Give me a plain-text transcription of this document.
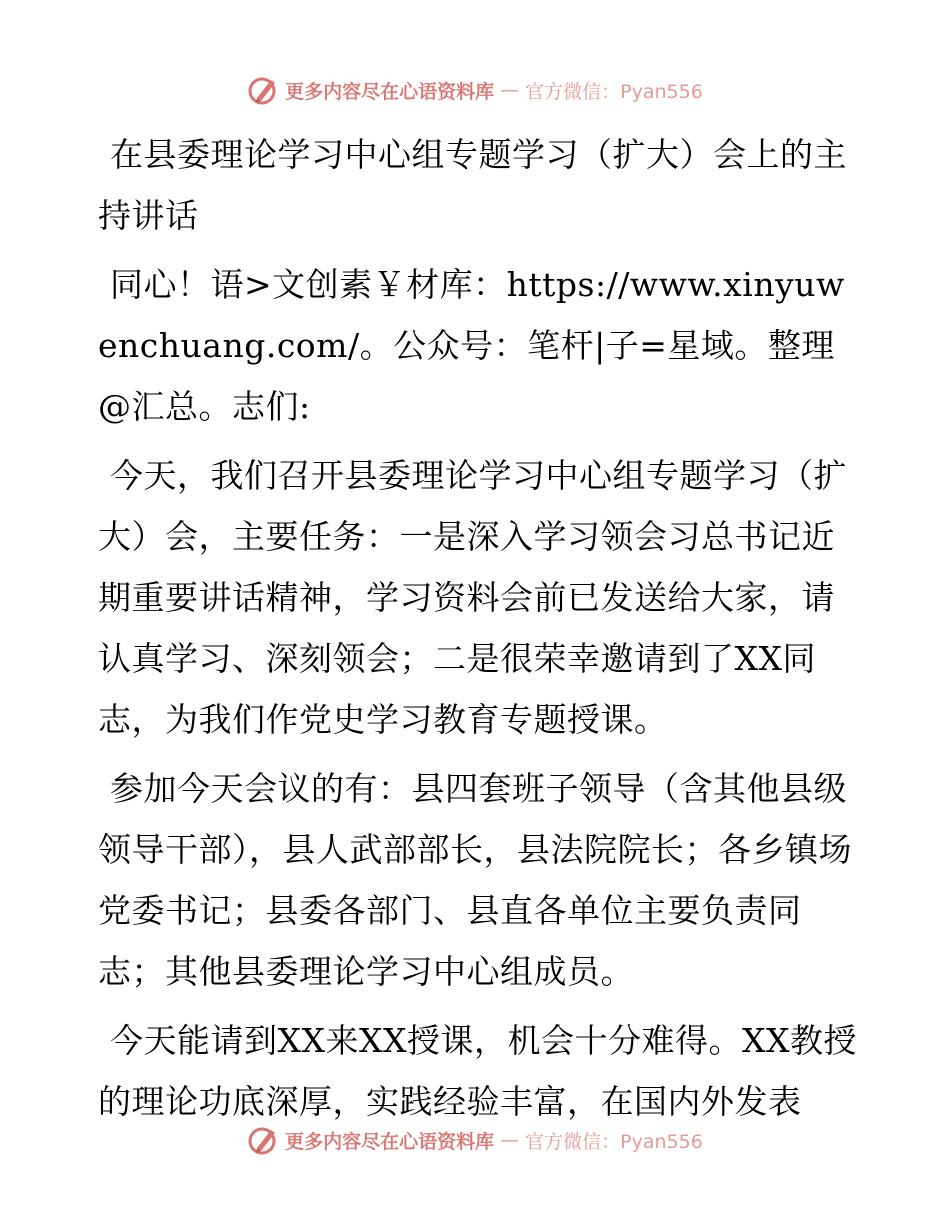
更多内容尽在心语资料库 — 官方微信：Pyan556

在县委理论学习中心组专题学习（扩大）会上的主持讲话

同心！语>文创素￥材库：https://www.xinyuwenchuang.com/。公众号：笔杆|子=星域。整理@汇总。志们:

今天，我们召开县委理论学习中心组专题学习（扩大）会，主要任务：一是深入学习领会习总书记近期重要讲话精神，学习资料会前已发送给大家，请认真学习、深刻领会；二是很荣幸邀请到了XX同志，为我们作党史学习教育专题授课。

参加今天会议的有：县四套班子领导（含其他县级领导干部），县人武部部长，县法院院长；各乡镇场党委书记；县委各部门、县直各单位主要负责同志；其他县委理论学习中心组成员。

今天能请到XX来XX授课，机会十分难得。XX教授的理论功底深厚，实践经验丰富，在国内外发表

更多内容尽在心语资料库 — 官方微信：Pyan556
